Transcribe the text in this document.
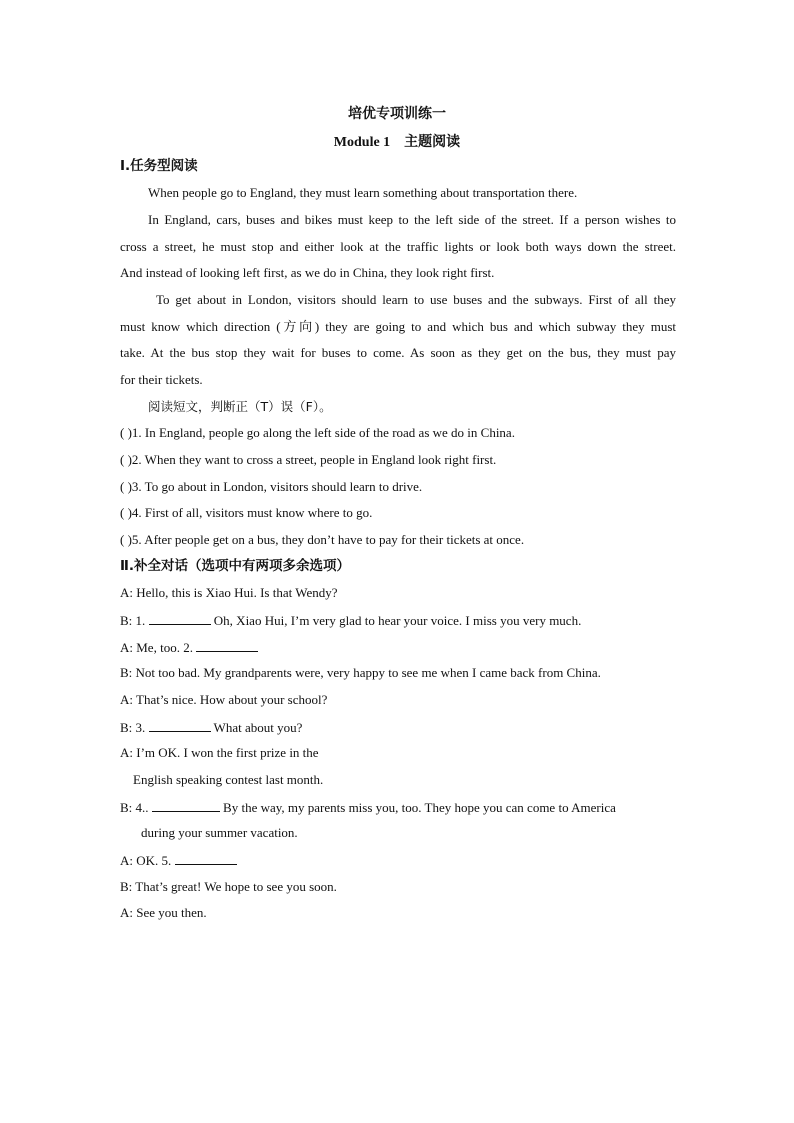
培优专项训练一
Module 1　主题阅读
Ⅰ.任务型阅读
When people go to England, they must learn something about transportation there.
In England, cars, buses and bikes must keep to the left side of the street. If a person wishes to
cross a street, he must stop and either look at the traffic lights or look both ways down the street.
And instead of looking left first, as we do in China, they look right first.
To get about in London, visitors should learn to use buses and the subways. First of all they
must know which direction (方向) they are going to and which bus and which subway they must
take. At the bus stop they wait for buses to come. As soon as they get on the bus, they must pay
for their tickets.
阅读短文，判断正（T）误（F）。
( )1. In England, people go along the left side of the road as we do in China.
( )2. When they want to cross a street, people in England look right first.
( )3. To go about in London, visitors should learn to drive.
( )4. First of all, visitors must know where to go.
( )5. After people get on a bus, they don’t have to pay for their tickets at once.
Ⅱ.补全对话（选项中有两项多余选项）
A: Hello, this is Xiao Hui. Is that Wendy?
B: 1.	Oh, Xiao Hui, I’m very glad to hear your voice. I miss you very much.
A: Me, too. 2.
B: Not too bad. My grandparents were, very happy to see me when I came back from China.
A: That’s nice. How about your school?
B: 3.	What about you?
A: I’m OK. I won the first prize in the
English speaking contest last month.
B: 4..	By the way, my parents miss you, too. They hope you can come to America
during your summer vacation.
A: OK. 5.
B: That’s great! We hope to see you soon.
A: See you then.
